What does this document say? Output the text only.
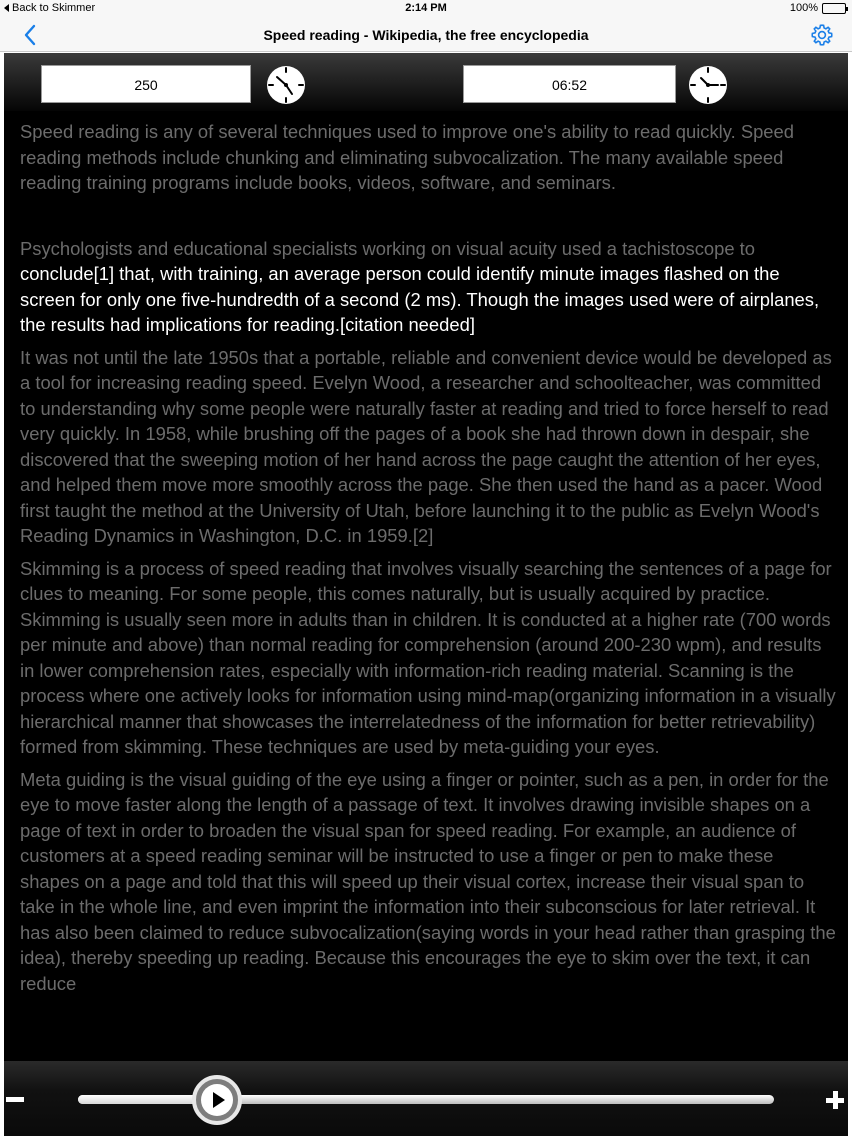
Back to Skimmer	2:14 PM	100%
Speed reading - Wikipedia, the free encyclopedia
250	06:52

Speed reading is any of several techniques used to improve one's ability to read quickly. Speed reading methods include chunking and eliminating subvocalization. The many available speed reading training programs include books, videos, software, and seminars.

Psychologists and educational specialists working on visual acuity used a tachistoscope to conclude[1] that, with training, an average person could identify minute images flashed on the screen for only one five-hundredth of a second (2 ms). Though the images used were of airplanes, the results had implications for reading.[citation needed]

It was not until the late 1950s that a portable, reliable and convenient device would be developed as a tool for increasing reading speed. Evelyn Wood, a researcher and schoolteacher, was committed to understanding why some people were naturally faster at reading and tried to force herself to read very quickly. In 1958, while brushing off the pages of a book she had thrown down in despair, she discovered that the sweeping motion of her hand across the page caught the attention of her eyes, and helped them move more smoothly across the page. She then used the hand as a pacer. Wood first taught the method at the University of Utah, before launching it to the public as Evelyn Wood's Reading Dynamics in Washington, D.C. in 1959.[2]

Skimming is a process of speed reading that involves visually searching the sentences of a page for clues to meaning. For some people, this comes naturally, but is usually acquired by practice. Skimming is usually seen more in adults than in children. It is conducted at a higher rate (700 words per minute and above) than normal reading for comprehension (around 200-230 wpm), and results in lower comprehension rates, especially with information-rich reading material. Scanning is the process where one actively looks for information using mind-map(organizing information in a visually hierarchical manner that showcases the interrelatedness of the information for better retrievability) formed from skimming. These techniques are used by meta-guiding your eyes.

Meta guiding is the visual guiding of the eye using a finger or pointer, such as a pen, in order for the eye to move faster along the length of a passage of text. It involves drawing invisible shapes on a page of text in order to broaden the visual span for speed reading. For example, an audience of customers at a speed reading seminar will be instructed to use a finger or pen to make these shapes on a page and told that this will speed up their visual cortex, increase their visual span to take in the whole line, and even imprint the information into their subconscious for later retrieval. It has also been claimed to reduce subvocalization(saying words in your head rather than grasping the idea), thereby speeding up reading. Because this encourages the eye to skim over the text, it can reduce
